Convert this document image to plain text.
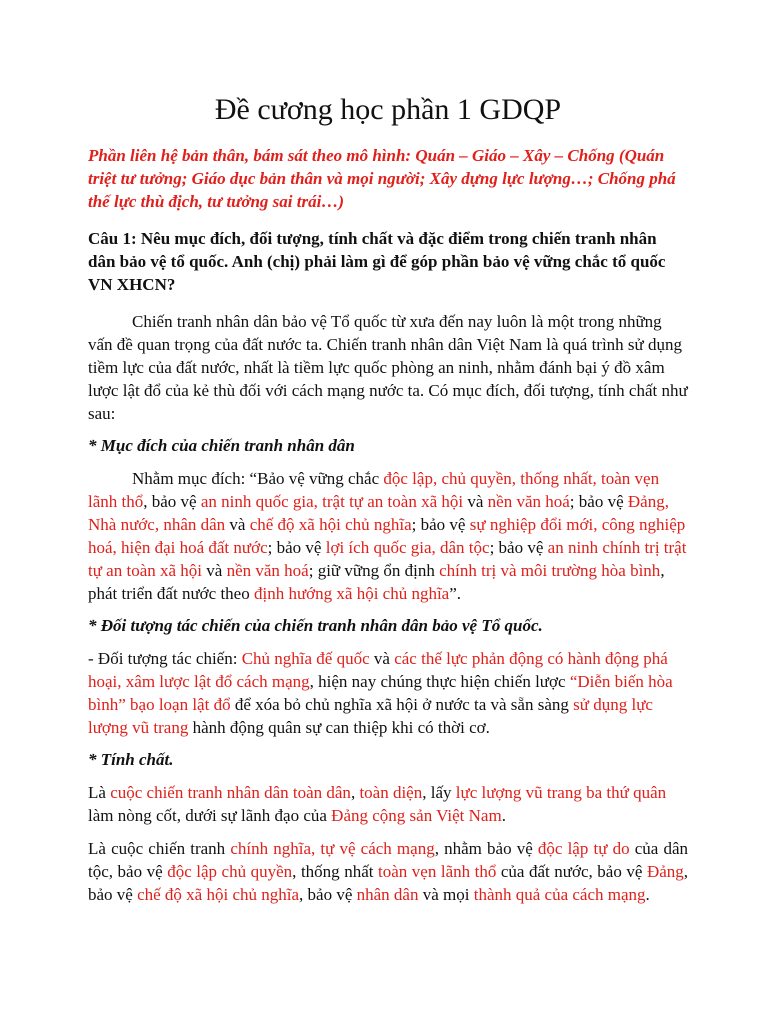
Đề cương học phần 1 GDQP

Phần liên hệ bản thân, bám sát theo mô hình: Quán – Giáo – Xây – Chống (Quán triệt tư tưởng; Giáo dục bản thân và mọi người; Xây dựng lực lượng…; Chống phá thế lực thù địch, tư tưởng sai trái…)

Câu 1: Nêu mục đích, đối tượng, tính chất và đặc điểm trong chiến tranh nhân dân bảo vệ tổ quốc. Anh (chị) phải làm gì để góp phần bảo vệ vững chắc tổ quốc VN XHCN?

Chiến tranh nhân dân bảo vệ Tổ quốc từ xưa đến nay luôn là một trong những vấn đề quan trọng của đất nước ta. Chiến tranh nhân dân Việt Nam là quá trình sử dụng tiềm lực của đất nước, nhất là tiềm lực quốc phòng an ninh, nhằm đánh bại ý đồ xâm lược lật đổ của kẻ thù đối với cách mạng nước ta. Có mục đích, đối tượng, tính chất như sau:

* Mục đích của chiến tranh nhân dân

Nhằm mục đích: “Bảo vệ vững chắc độc lập, chủ quyền, thống nhất, toàn vẹn lãnh thổ, bảo vệ an ninh quốc gia, trật tự an toàn xã hội và nền văn hoá; bảo vệ Đảng, Nhà nước, nhân dân và chế độ xã hội chủ nghĩa; bảo vệ sự nghiệp đổi mới, công nghiệp hoá, hiện đại hoá đất nước; bảo vệ lợi ích quốc gia, dân tộc; bảo vệ an ninh chính trị trật tự an toàn xã hội và nền văn hoá; giữ vững ổn định chính trị và môi trường hòa bình, phát triển đất nước theo định hướng xã hội chủ nghĩa”.

* Đối tượng tác chiến của chiến tranh nhân dân bảo vệ Tổ quốc.

- Đối tượng tác chiến: Chủ nghĩa đế quốc và các thế lực phản động có hành động phá hoại, xâm lược lật đổ cách mạng, hiện nay chúng thực hiện chiến lược “Diễn biến hòa bình” bạo loạn lật đổ để xóa bỏ chủ nghĩa xã hội ở nước ta và sẵn sàng sử dụng lực lượng vũ trang hành động quân sự can thiệp khi có thời cơ.

* Tính chất.

Là cuộc chiến tranh nhân dân toàn dân, toàn diện, lấy lực lượng vũ trang ba thứ quân làm nòng cốt, dưới sự lãnh đạo của Đảng cộng sản Việt Nam.

Là cuộc chiến tranh chính nghĩa, tự vệ cách mạng, nhằm bảo vệ độc lập tự do của dân tộc, bảo vệ độc lập chủ quyền, thống nhất toàn vẹn lãnh thổ của đất nước, bảo vệ Đảng, bảo vệ chế độ xã hội chủ nghĩa, bảo vệ nhân dân và mọi thành quả của cách mạng.
